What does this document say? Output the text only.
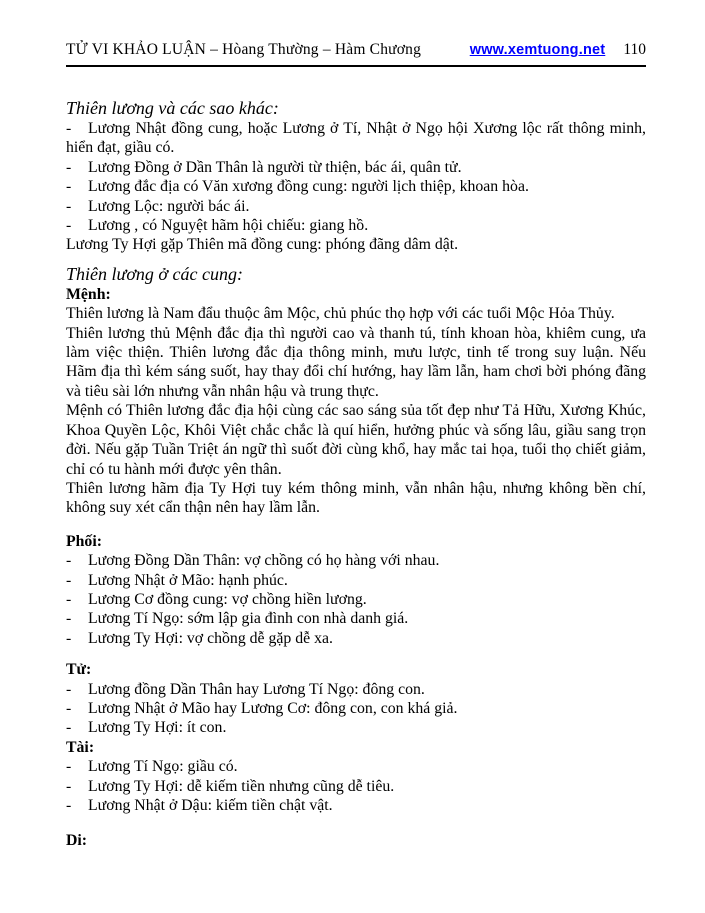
TỬ VI KHẢO LUẬN – Hòang Thường – Hàm Chương	www.xemtuong.net 110
Thiên lương và các sao khác:
- Lương Nhật đồng cung, hoặc Lương ở Tí, Nhật ở Ngọ hội Xương lộc rất thông minh, hiển đạt, giầu có.
- Lương Đồng ở Dần Thân là người từ thiện, bác ái, quân tử.
- Lương đắc địa có Văn xương đồng cung: người lịch thiệp, khoan hòa.
- Lương Lộc: người bác ái.
- Lương , có Nguyệt hãm hội chiếu: giang hồ.

Lương Ty Hợi gặp Thiên mã đồng cung: phóng đãng dâm dật.

Thiên lương ở các cung:
Mệnh:

Thiên lương là Nam đẩu thuộc âm Mộc, chủ phúc thọ hợp với các tuổi Mộc Hỏa Thủy.

Thiên lương thủ Mệnh đắc địa thì người cao và thanh tú, tính khoan hòa, khiêm cung, ưa làm việc thiện. Thiên lương đắc địa thông minh, mưu lược, tinh tế trong suy luận. Nếu Hãm địa thì kém sáng suốt, hay thay đổi chí hướng, hay lầm lẫn, ham chơi bời phóng đãng và tiêu sài lớn nhưng vẫn nhân hậu và trung thực.

Mệnh có Thiên lương đắc địa hội cùng các sao sáng sủa tốt đẹp như Tả Hữu, Xương Khúc, Khoa Quyền Lộc, Khôi Việt chắc chắc là quí hiển, hưởng phúc và sống lâu, giầu sang trọn đời. Nếu gặp Tuần Triệt án ngữ thì suốt đời cùng khổ, hay mắc tai họa, tuổi thọ chiết giảm, chỉ có tu hành mới được yên thân.

Thiên lương hãm địa Ty Hợi tuy kém thông minh, vẫn nhân hậu, nhưng không bền chí, không suy xét cẩn thận nên hay lầm lẫn.

Phối:
- Lương Đồng Dần Thân: vợ chồng có họ hàng với nhau.
- Lương Nhật ở Mão: hạnh phúc.
- Lương Cơ đồng cung: vợ chồng hiền lương.
- Lương Tí Ngọ: sớm lập gia đình con nhà danh giá.
- Lương Ty Hợi: vợ chồng dễ gặp dễ xa.
Tử:
- Lương đồng Dần Thân hay Lương Tí Ngọ: đông con.
- Lương Nhật ở Mão hay Lương Cơ: đông con, con khá giả.
- Lương Ty Hợi: ít con.
Tài:
- Lương Tí Ngọ: giầu có.
- Lương Ty Hợi: dễ kiếm tiền nhưng cũng dễ tiêu.
- Lương Nhật ở Dậu: kiếm tiền chật vật.
Di:
